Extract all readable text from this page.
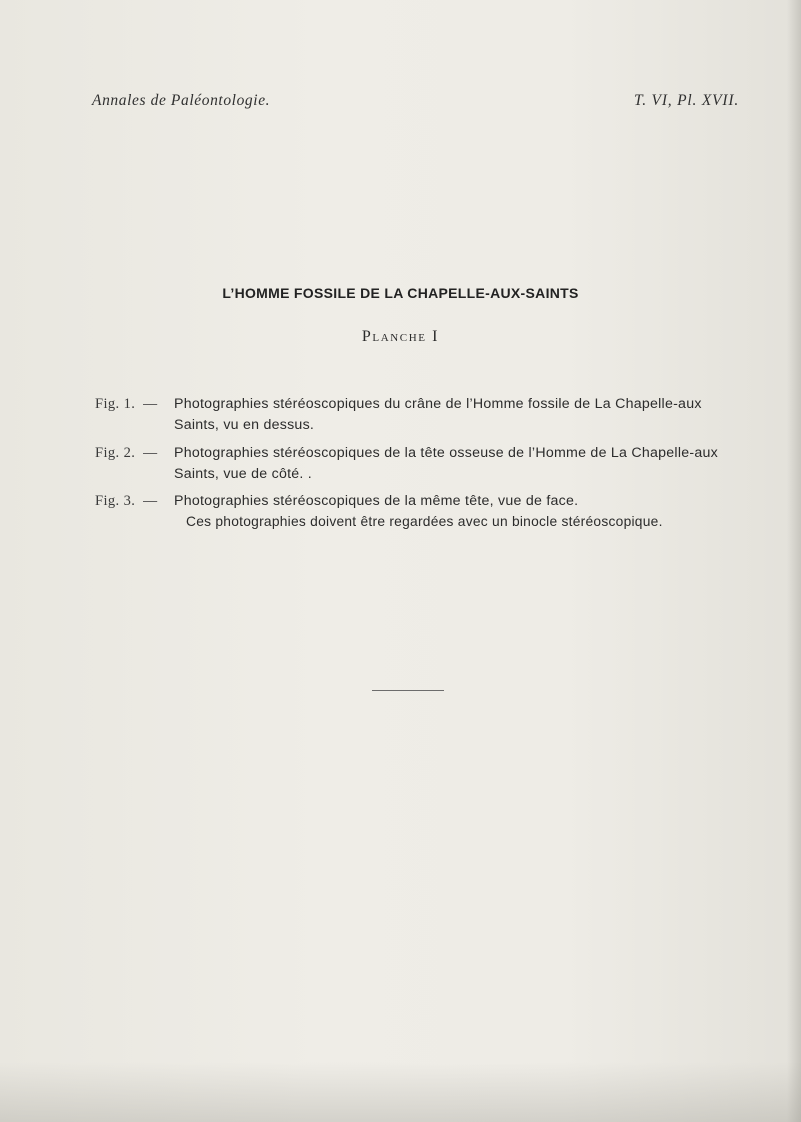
Annales de Paléontologie.	T. VI, Pl. XVII.
L’HOMME FOSSILE DE LA CHAPELLE-AUX-SAINTS
Planche I
Fig. 1. — Photographies stéréoscopiques du crâne de l’Homme fossile de La Chapelle-aux
Saints, vu en dessus.
Fig. 2. — Photographies stéréoscopiques de la tête osseuse de l’Homme de La Chapelle-aux
Saints, vue de côté. .
Fig. 3. — Photographies stéréoscopiques de la même tête, vue de face.
Ces photographies doivent être regardées avec un binocle stéréoscopique.
